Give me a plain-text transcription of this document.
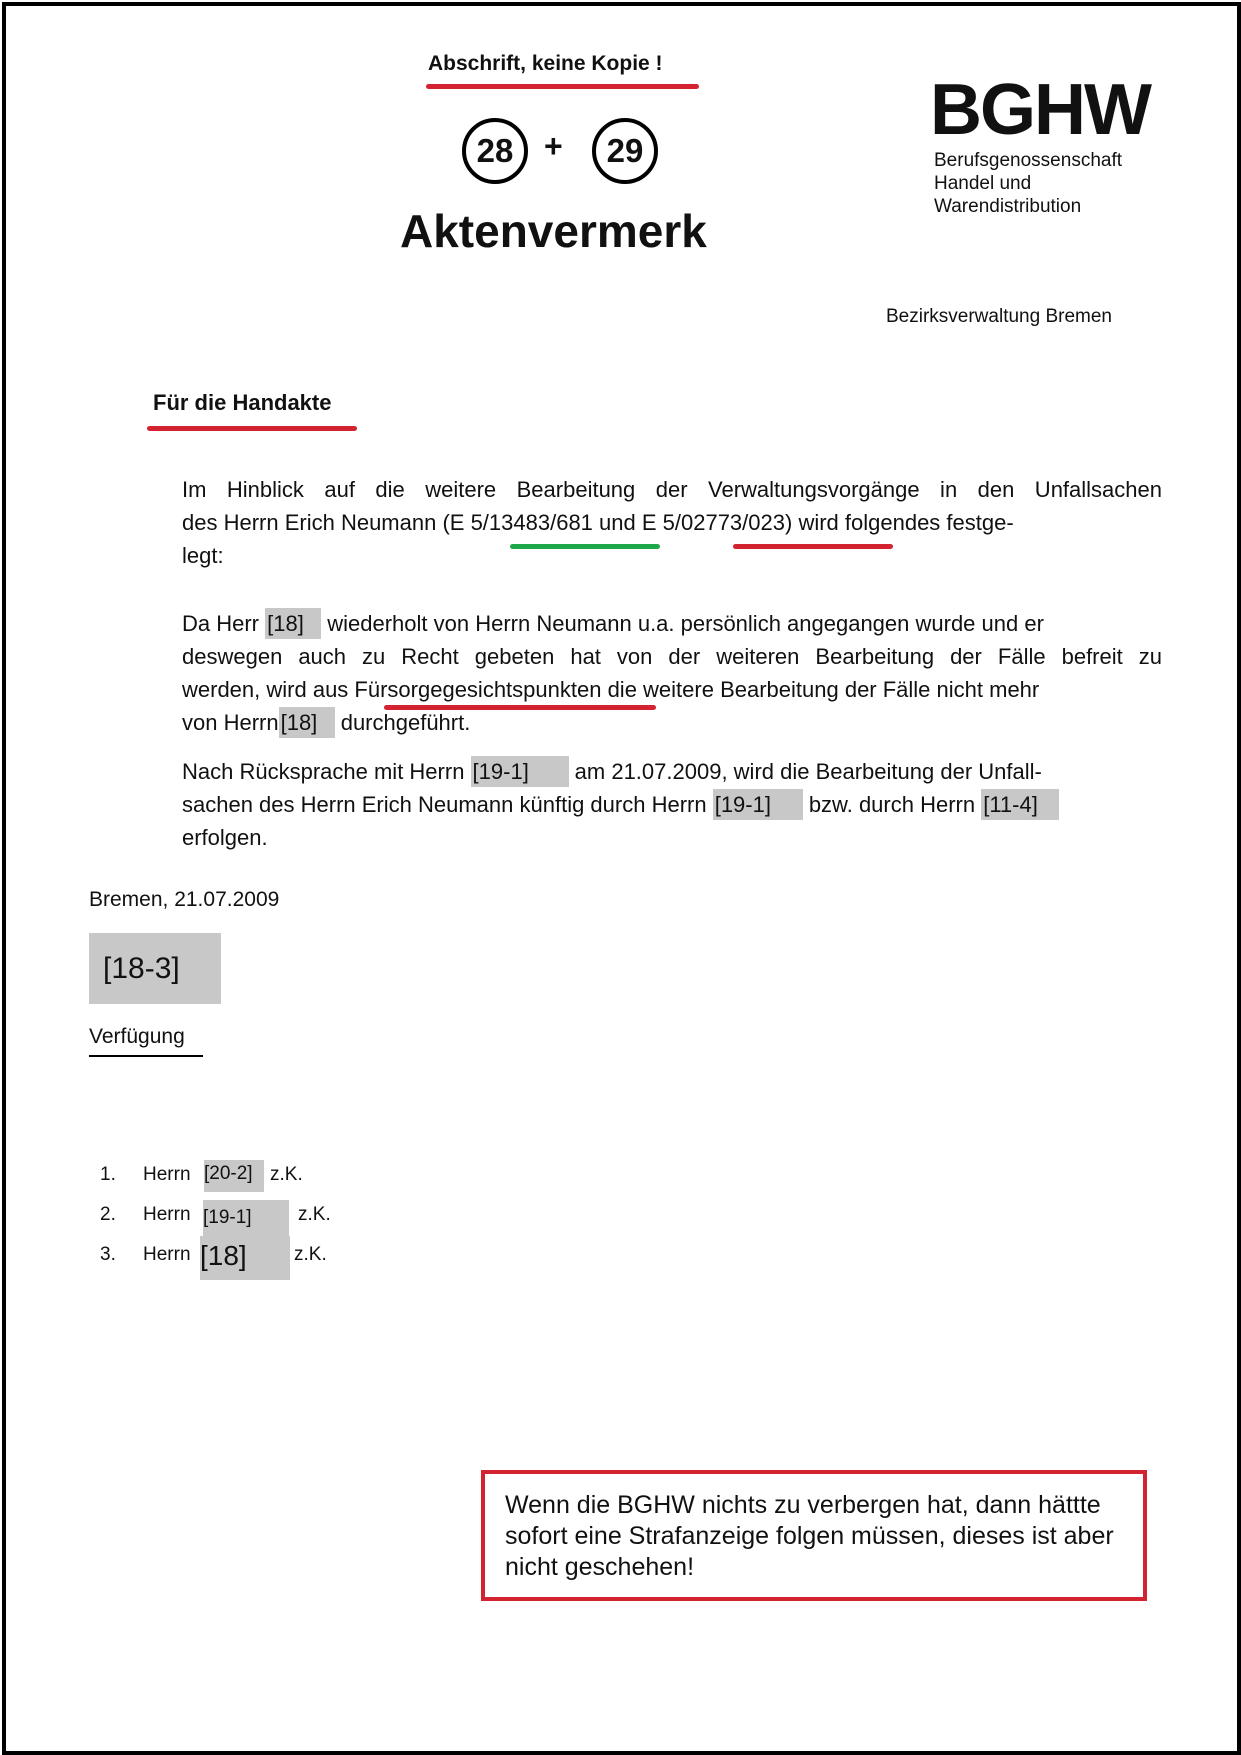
Abschrift, keine Kopie !
28 +	29
Aktenvermerk
BGHW
Berufsgenossenschaft
Handel und
Warendistribution
Bezirksverwaltung Bremen
Für die Handakte
Im Hinblick auf die weitere Bearbeitung der Verwaltungsvorgänge in den Unfallsachen
des Herrn Erich Neumann (E 5/13483/681 und E 5/02773/023) wird folgendes festge-
legt:
Da Herr [18] wiederholt von Herrn Neumann u.a. persönlich angegangen wurde und er
deswegen auch zu Recht gebeten hat von der weiteren Bearbeitung der Fälle befreit zu
werden, wird aus Fürsorgegesichtspunkten die weitere Bearbeitung der Fälle nicht mehr
von Herrn[18] durchgeführt.
Nach Rücksprache mit Herrn [19-1] am 21.07.2009, wird die Bearbeitung der Unfall-
sachen des Herrn Erich Neumann künftig durch Herrn [19-1] bzw. durch Herrn [11-4]
erfolgen.
Bremen, 21.07.2009
[18-3]
Verfügung
1. Herrn [20-2] z.K.
2. Herrn [19-1]	z.K.
3. Herrn [18]	z.K.
Wenn die BGHW nichts zu verbergen hat, dann hättte sofort eine Strafanzeige folgen müssen, dieses ist aber nicht geschehen!
